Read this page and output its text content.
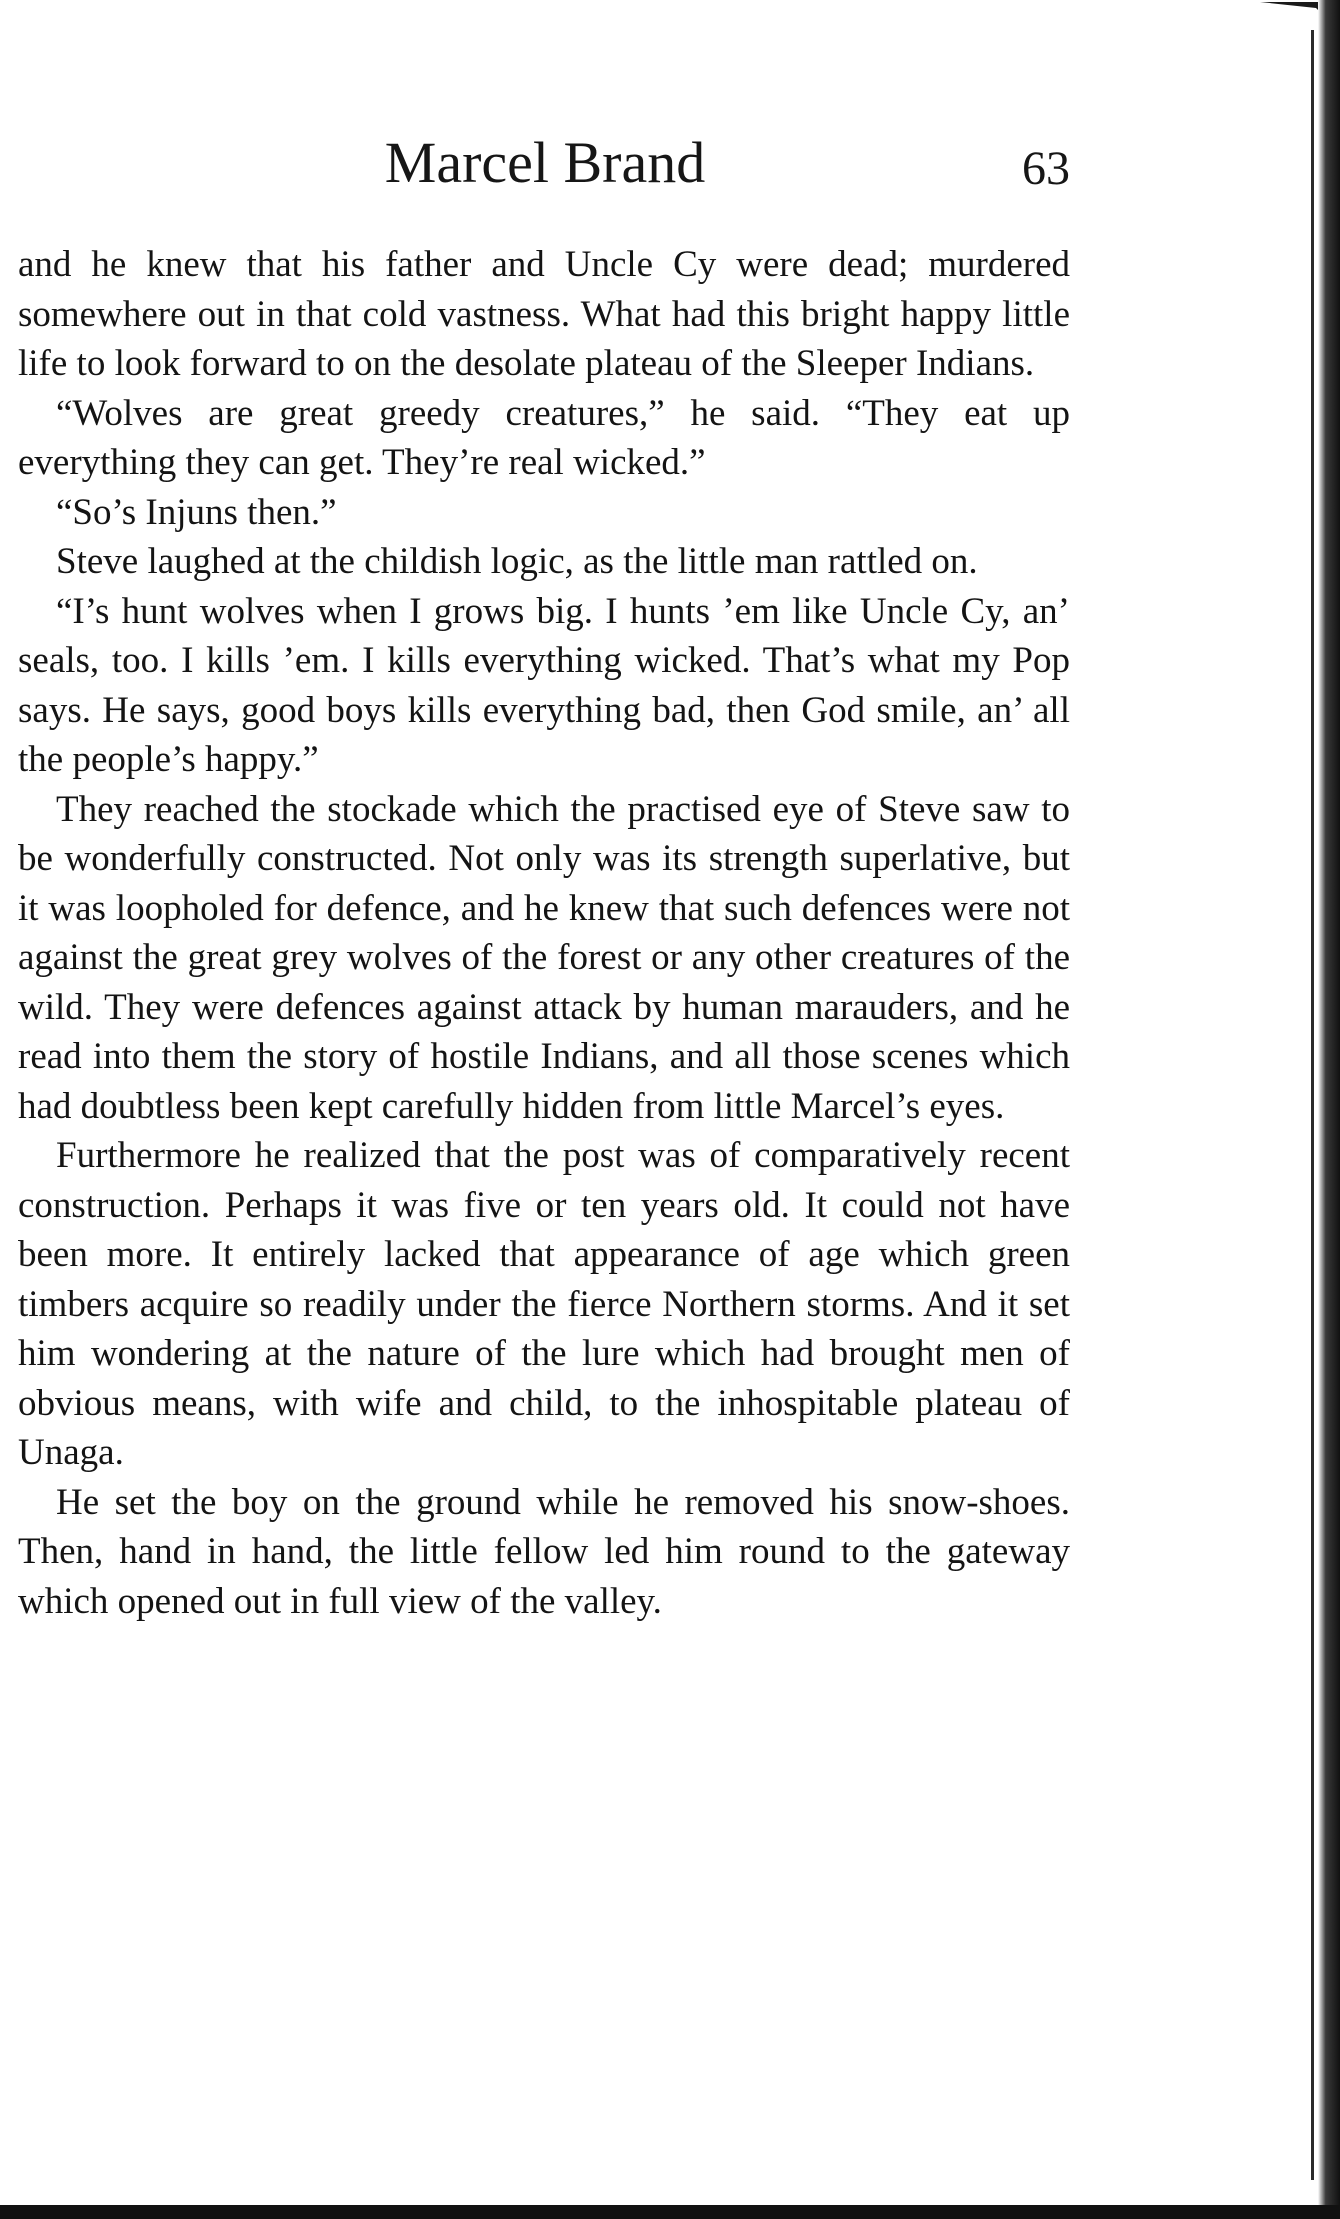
Marcel Brand	63

and he knew that his father and Uncle Cy were dead; murdered somewhere out in that cold vastness. What had this bright happy little life to look forward to on the desolate plateau of the Sleeper Indians.

“Wolves are great greedy creatures,” he said. “They eat up everything they can get. They’re real wicked.”

“So’s Injuns then.”

Steve laughed at the childish logic, as the little man rattled on.

“I’s hunt wolves when I grows big. I hunts ’em like Uncle Cy, an’ seals, too. I kills ’em. I kills everything wicked. That’s what my Pop says. He says, good boys kills everything bad, then God smile, an’ all the people’s happy.”

They reached the stockade which the practised eye of Steve saw to be wonderfully constructed. Not only was its strength superlative, but it was loopholed for defence, and he knew that such defences were not against the great grey wolves of the forest or any other creatures of the wild. They were defences against attack by human marauders, and he read into them the story of hostile Indians, and all those scenes which had doubtless been kept carefully hidden from little Marcel’s eyes.

Furthermore he realized that the post was of comparatively recent construction. Perhaps it was five or ten years old. It could not have been more. It entirely lacked that appearance of age which green timbers acquire so readily under the fierce Northern storms. And it set him wondering at the nature of the lure which had brought men of obvious means, with wife and child, to the inhospitable plateau of Unaga.

He set the boy on the ground while he removed his snow-shoes. Then, hand in hand, the little fellow led him round to the gateway which opened out in full view of the valley.
